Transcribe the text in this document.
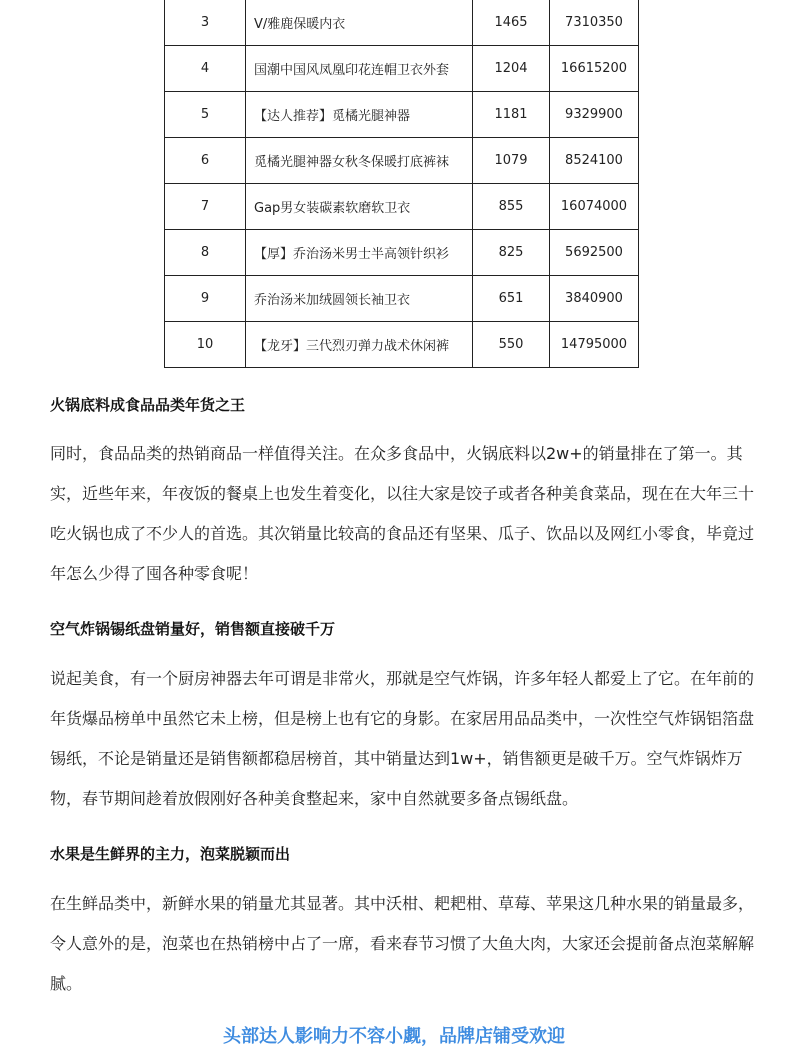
3	V/雅鹿保暖内衣	1465	7310350
4	国潮中国风凤凰印花连帽卫衣外套	1204	16615200
5	【达人推荐】觅橘光腿神器	1181	9329900
6	觅橘光腿神器女秋冬保暖打底裤袜	1079	8524100
7	Gap男女装碳素软磨软卫衣	855	16074000
8	【厚】乔治汤米男士半高领针织衫	825	5692500
9	乔治汤米加绒圆领长袖卫衣	651	3840900
10	【龙牙】三代烈刃弹力战术休闲裤	550	14795000
火锅底料成食品品类年货之王

同时，食品品类的热销商品一样值得关注。在众多食品中，火锅底料以2w+的销量排在了第一。其实，近些年来，年夜饭的餐桌上也发生着变化，以往大家是饺子或者各种美食菜品，现在在大年三十吃火锅也成了不少人的首选。其次销量比较高的食品还有坚果、瓜子、饮品以及网红小零食，毕竟过年怎么少得了囤各种零食呢！

空气炸锅锡纸盘销量好，销售额直接破千万

说起美食，有一个厨房神器去年可谓是非常火，那就是空气炸锅，许多年轻人都爱上了它。在年前的年货爆品榜单中虽然它未上榜，但是榜上也有它的身影。在家居用品品类中，一次性空气炸锅铝箔盘锡纸，不论是销量还是销售额都稳居榜首，其中销量达到1w+，销售额更是破千万。空气炸锅炸万物，春节期间趁着放假刚好各种美食整起来，家中自然就要多备点锡纸盘。

水果是生鲜界的主力，泡菜脱颖而出

在生鲜品类中，新鲜水果的销量尤其显著。其中沃柑、耙耙柑、草莓、苹果这几种水果的销量最多，令人意外的是，泡菜也在热销榜中占了一席，看来春节习惯了大鱼大肉，大家还会提前备点泡菜解解腻。

头部达人影响力不容小觑，品牌店铺受欢迎
